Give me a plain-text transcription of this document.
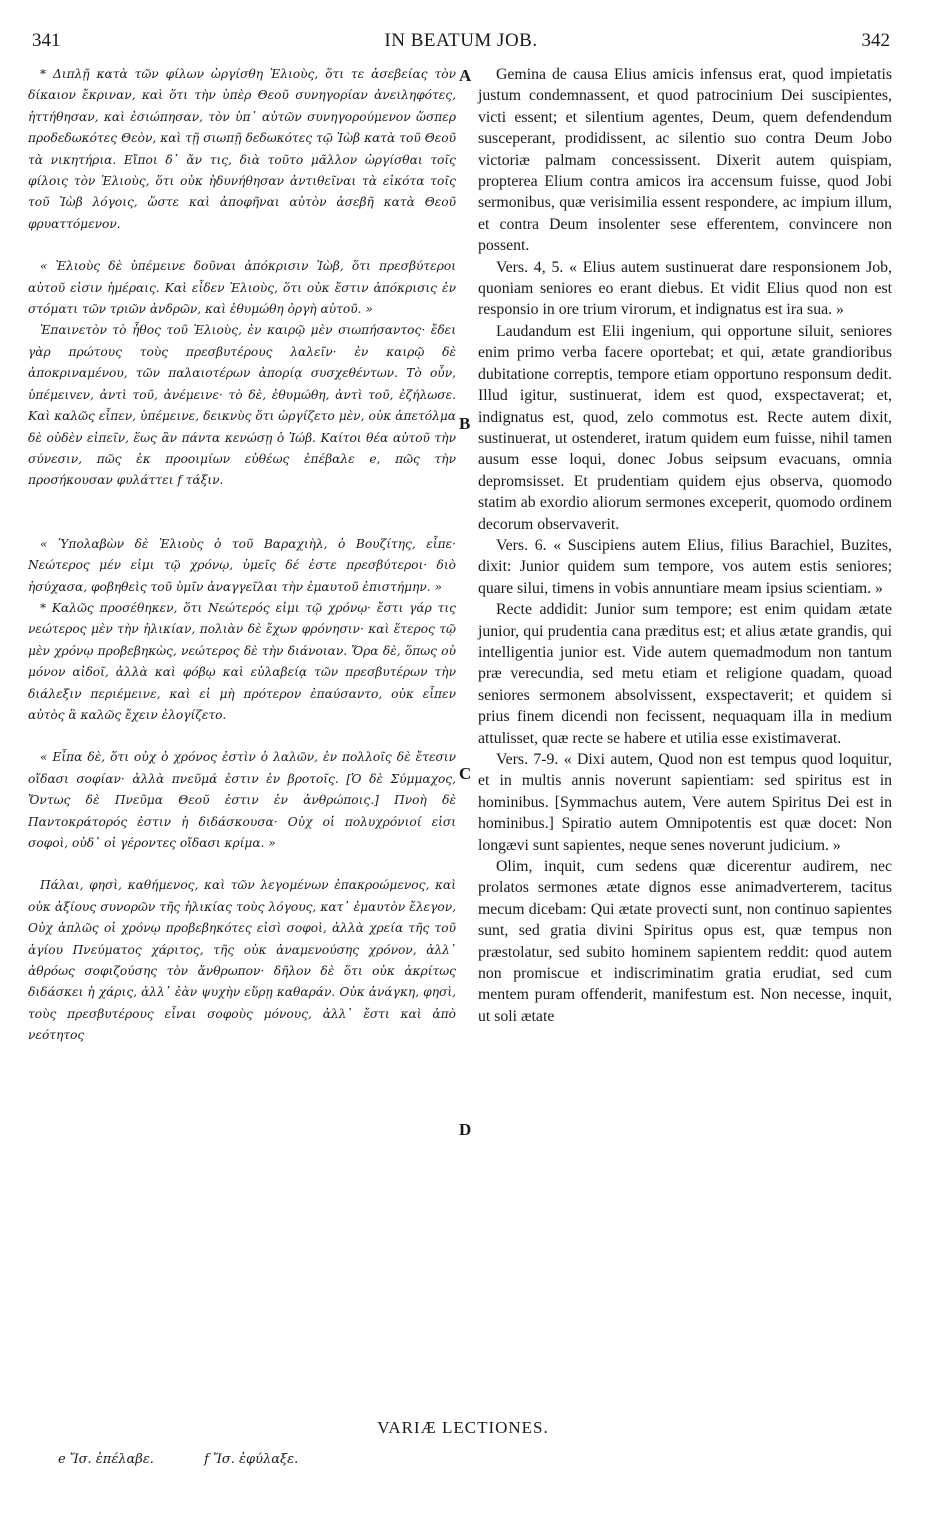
341	IN BEATUM JOB.	342

* Διπλῇ κατὰ τῶν φίλων ὠργίσθη Ἐλιοὺς, ὅτι τε ἀσεβείας τὸν δίκαιον ἔκριναν, καὶ ὅτι τὴν ὑπὲρ Θεοῦ συνηγορίαν ἀνειληφότες, ἡττήθησαν, καὶ ἐσιώπησαν, τὸν ὑπ᾿ αὐτῶν συνηγορούμενον ὥσπερ προδεδωκότες Θεὸν, καὶ τῇ σιωπῇ δεδωκότες τῷ Ἰὼβ κατὰ τοῦ Θεοῦ τὰ νικητήρια. Εἴποι δ᾿ ἄν τις, διὰ τοῦτο μᾶλλον ὠργίσθαι τοῖς φίλοις τὸν Ἐλιοὺς, ὅτι οὐκ ἠδυνήθησαν ἀντιθεῖναι τὰ εἰκότα τοῖς τοῦ Ἰὼβ λόγοις, ὥστε καὶ ἀποφῆναι αὐτὸν ἀσεβῆ κατὰ Θεοῦ φρυαττόμενον.

« Ἐλιοὺς δὲ ὑπέμεινε δοῦναι ἀπόκρισιν Ἰὼβ, ὅτι πρεσβύτεροι αὐτοῦ εἰσιν ἡμέραις. Καὶ εἶδεν Ἐλιοὺς, ὅτι οὐκ ἔστιν ἀπόκρισις ἐν στόματι τῶν τριῶν ἀνδρῶν, καὶ ἐθυμώθη ὀργὴ αὐτοῦ. »

Ἐπαινετὸν τὸ ἦθος τοῦ Ἐλιοὺς, ἐν καιρῷ μὲν σιωπήσαντος· ἔδει γὰρ πρώτους τοὺς πρεσβυτέρους λαλεῖν· ἐν καιρῷ δὲ ἀποκριναμένου, τῶν παλαιοτέρων ἀπορίᾳ συσχεθέντων. Τὸ οὖν, ὑπέμειvεν, ἀντὶ τοῦ, ἀνέμεινε· τὸ δὲ, ἐθυμώθη, ἀντὶ τοῦ, ἐζήλωσε. Καὶ καλῶς εἶπεν, ὑπέμεινε, δεικνὺς ὅτι ὠργίζετο μὲν, οὐκ ἀπετόλμα δὲ οὐδὲν εἰπεῖν, ἕως ἂν πάντα κενώσῃ ὁ Ἰώβ. Καίτοι θέα αὐτοῦ τὴν σύνεσιν, πῶς ἐκ προοιμίων εὐθέως ἐπέβαλε e, πῶς τὴν προσήκουσαν φυλάττει f τάξιν.

« Ὑπολαβὼν δὲ Ἐλιοὺς ὁ τοῦ Βαραχιὴλ, ὁ Βουζίτης, εἶπε· Νεώτερος μέν εἰμι τῷ χρόνῳ, ὑμεῖς δέ ἐστε πρεσβύτεροι· διὸ ἡσύχασα, φοβηθεὶς τοῦ ὑμῖν ἀναγγεῖλαι τὴν ἐμαυτοῦ ἐπιστήμην. »

* Καλῶς προσέθηκεν, ὅτι Νεώτερός εἰμι τῷ χρόνῳ· ἔστι γάρ τις νεώτερος μὲν τὴν ἡλικίαν, πολιὰν δὲ ἔχων φρόνησιν· καὶ ἕτερος τῷ μὲν χρόνῳ προβεβηκὼς, νεώτερος δὲ τὴν διάνοιαν. Ὅρα δὲ, ὅπως οὐ μόνον αἰδοῖ, ἀλλὰ καὶ φόβῳ καὶ εὐλαβείᾳ τῶν πρεσβυτέρων τὴν διάλεξιν περιέμεινε, καὶ εἰ μὴ πρότερον ἐπαύσαντο, οὐκ εἶπεν αὐτὸς ἃ καλῶς ἔχειν ἐλογίζετο.

« Εἶπα δὲ, ὅτι οὐχ ὁ χρόνος ἐστὶν ὁ λαλῶν, ἐν πολλοῖς δὲ ἔτεσιν οἴδασι σοφίαν· ἀλλὰ πνεῦμά ἐστιν ἐν βροτοῖς. [Ὁ δὲ Σύμμαχος, Ὄντως δὲ Πνεῦμα Θεοῦ ἐστιν ἐν ἀνθρώποις.] Πνοὴ δὲ Παντοκράτορός ἐστιν ἡ διδάσκουσα· Οὐχ οἱ πολυχρόνιοί εἰσι σοφοὶ, οὐδ᾿ οἱ γέροντες οἴδασι κρίμα. »

Πάλαι, φησὶ, καθήμενος, καὶ τῶν λεγομένων ἐπακροώμενος, καὶ οὐκ ἀξίους συνορῶν τῆς ἡλικίας τοὺς λόγους, κατ᾿ ἐμαυτὸν ἔλεγον, Οὐχ ἁπλῶς οἱ χρόνῳ προβεβηκότες εἰσὶ σοφοὶ, ἀλλὰ χρεία τῆς τοῦ ἁγίου Πνεύματος χάριτος, τῆς οὐκ ἀναμενούσης χρόνον, ἀλλ᾿ ἀθρόως σοφιζούσης τὸν ἄνθρωπον· δῆλον δὲ ὅτι οὐκ ἀκρίτως διδάσκει ἡ χάρις, ἀλλ᾿ ἐὰν ψυχὴν εὕρῃ καθαράν. Οὐκ ἀνάγκη, φησὶ, τοὺς πρεσβυτέρους εἶναι σοφοὺς μόνους, ἀλλ᾿ ἔστι καὶ ἀπὸ νεότητος

A
B
C
D

Gemina de causa Elius amicis infensus erat, quod impietatis justum condemnassent, et quod patrocinium Dei suscipientes, victi essent; et silentium agentes, Deum, quem defendendum susceperant, prodidissent, ac silentio suo contra Deum Jobo victoriæ palmam concessissent. Dixerit autem quispiam, propterea Elium contra amicos ira accensum fuisse, quod Jobi sermonibus, quæ verisimilia essent respondere, ac impium illum, et contra Deum insolenter sese efferentem, convincere non possent.

Vers. 4, 5. « Elius autem sustinuerat dare responsionem Job, quoniam seniores eo erant diebus. Et vidit Elius quod non est responsio in ore trium virorum, et indignatus est ira sua. »

Laudandum est Elii ingenium, qui opportune siluit, seniores enim primo verba facere oportebat; et qui, ætate grandioribus dubitatione correptis, tempore etiam opportuno responsum dedit. Illud igitur, sustinuerat, idem est quod, exspectaverat; et, indignatus est, quod, zelo commotus est. Recte autem dixit, sustinuerat, ut ostenderet, iratum quidem eum fuisse, nihil tamen ausum esse loqui, donec Jobus seipsum evacuans, omnia depromsisset. Et prudentiam quidem ejus observa, quomodo statim ab exordio aliorum sermones exceperit, quomodo ordinem decorum observaverit.

Vers. 6. « Suscipiens autem Elius, filius Barachiel, Buzites, dixit: Junior quidem sum tempore, vos autem estis seniores; quare silui, timens in vobis annuntiare meam ipsius scientiam. »

Recte addidit: Junior sum tempore; est enim quidam ætate junior, qui prudentia cana præditus est; et alius ætate grandis, qui intelligentia junior est. Vide autem quemadmodum non tantum præ verecundia, sed metu etiam et religione quadam, quoad seniores sermonem absolvissent, exspectaverit; et quidem si prius finem dicendi non fecissent, nequaquam illa in medium attulisset, quæ recte se habere et utilia esse existimaverat.

Vers. 7-9. « Dixi autem, Quod non est tempus quod loquitur, et in multis annis noverunt sapientiam: sed spiritus est in hominibus. [Symmachus autem, Vere autem Spiritus Dei est in hominibus.] Spiratio autem Omnipotentis est quæ docet: Non longævi sunt sapientes, neque senes noverunt judicium. »

Olim, inquit, cum sedens quæ dicerentur audirem, nec prolatos sermones ætate dignos esse animadverterem, tacitus mecum dicebam: Qui ætate provecti sunt, non continuo sapientes sunt, sed gratia divini Spiritus opus est, quæ tempus non præstolatur, sed subito hominem sapientem reddit: quod autem non promiscue et indiscriminatim gratia erudiat, sed cum mentem puram offenderit, manifestum est. Non necesse, inquit, ut soli ætate

VARIÆ LECTIONES.
e Ἴσ. ἐπέλαβε.	f Ἴσ. ἐφύλαξε.
